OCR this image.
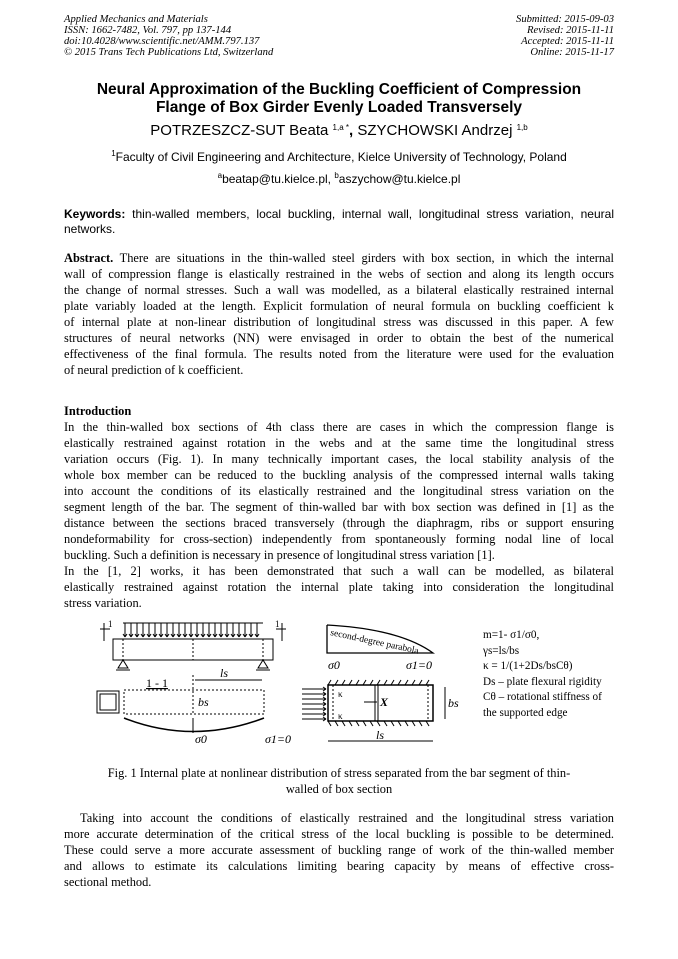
Applied Mechanics and Materials
ISSN: 1662-7482, Vol. 797, pp 137-144
doi:10.4028/www.scientific.net/AMM.797.137
© 2015 Trans Tech Publications Ltd, Switzerland
Submitted: 2015-09-03
Revised: 2015-11-11
Accepted: 2015-11-11
Online: 2015-11-17
Neural Approximation of the Buckling Coefficient of Compression
Flange of Box Girder Evenly Loaded Transversely
POTRZESZCZ-SUT Beata $^{1,a *}$, SZYCHOWSKI Andrzej $^{1,b}$
$^1$Faculty of Civil Engineering and Architecture, Kielce University of Technology, Poland
$^a$beatap@tu.kielce.pl, $^b$aszychow@tu.kielce.pl
Keywords: thin-walled members, local buckling, internal wall, longitudinal stress variation, neural networks.
Abstract. There are situations in the thin-walled steel girders with box section, in which the internal
wall of compression flange is elastically restrained in the webs of section and along its length occurs
the change of normal stresses. Such a wall was modelled, as a bilateral elastically restrained internal
plate variably loaded at the length. Explicit formulation of neural formula on buckling coefficient k
of internal plate at non-linear distribution of longitudinal stress was discussed in this paper. A few
structures of neural networks (NN) were envisaged in order to obtain the best of the numerical
effectiveness of the final formula. The results noted from the literature were used for the evaluation
of neural prediction of k coefficient.
Introduction
In the thin-walled box sections of 4th class there are cases in which the compression flange is
elastically restrained against rotation in the webs and at the same time the longitudinal stress
variation occurs (Fig. 1). In many technically important cases, the local stability analysis of the
whole box member can be reduced to the buckling analysis of the compressed internal walls taking
into account the conditions of its elastically restrained and the longitudinal stress variation on the
segment length of the bar. The segment of thin-walled bar with box section was defined in [1] as the
distance between the sections braced transversely (through the diaphragm, ribs or support ensuring
nondeformability for cross-section) independently from spontaneously forming nodal line of local
buckling. Such a definition is necessary in presence of longitudinal stress variation [1].
In the [1, 2] works, it has been demonstrated that such a wall can be modelled, as bilateral
elastically restrained against rotation the internal plate taking into consideration the longitudinal
stress variation.
1	1
1 - 1
ls
bs
σ0	σ1=0
second-degree parabola
σ0	σ1=0
κ
κ
X
ls
bs
m=1- σ1/σ0,
γs=ls/bs
κ = 1/(1+2Ds/bsCθ)
Ds – plate flexural rigidity
Cθ – rotational stiffness of
the supported edge
Fig. 1 Internal plate at nonlinear distribution of stress separated from the bar segment of thin-
walled of box section
Taking into account the conditions of elastically restrained and the longitudinal stress variation
more accurate determination of the critical stress of the local buckling is possible to be determined.
These could serve a more accurate assessment of buckling range of work of the thin-walled member
and allows to estimate its calculations limiting bearing capacity by means of effective cross-
sectional method.
